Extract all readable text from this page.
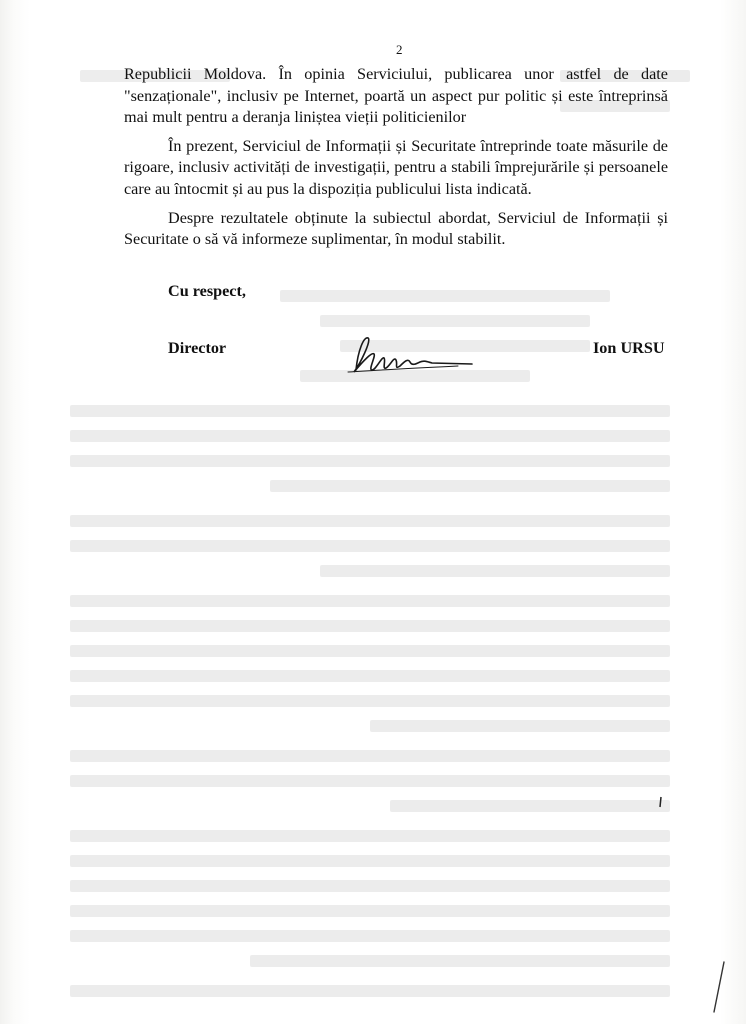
2

Republicii Moldova. În opinia Serviciului, publicarea unor astfel de date "senzaționale", inclusiv pe Internet, poartă un aspect pur politic și este întreprinsă mai mult pentru a deranja liniștea vieții politicienilor

În prezent, Serviciul de Informații și Securitate întreprinde toate măsurile de rigoare, inclusiv activități de investigații, pentru a stabili împrejurările și persoanele care au întocmit și au pus la dispoziția publicului lista indicată.

Despre rezultatele obținute la subiectul abordat, Serviciul de Informații și Securitate o să vă informeze suplimentar, în modul stabilit.

Cu respect,
Director	Ion URSU
